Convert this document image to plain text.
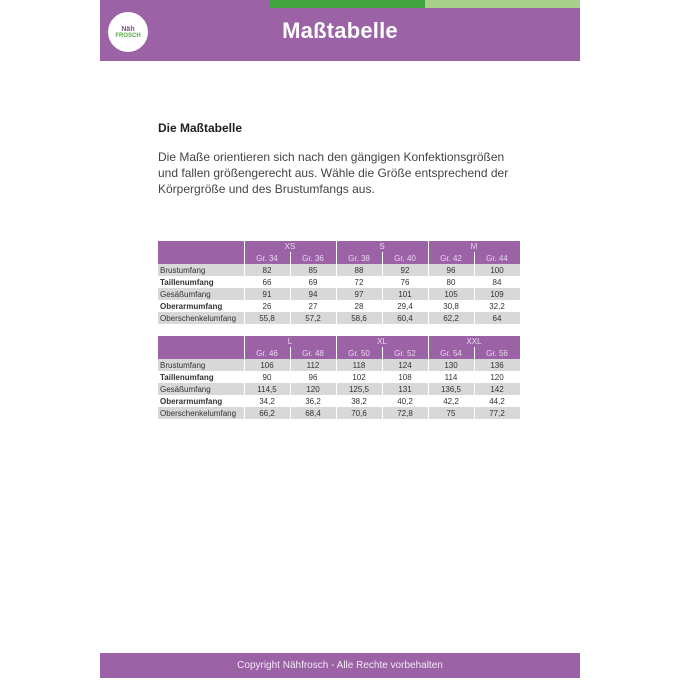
Näh
FROSCH	Maßtabelle
Die Maßtabelle
Die Maße orientieren sich nach den gängigen Konfektionsgrößen und fallen größengerecht aus. Wähle die Größe entsprechend der Körpergröße und des Brustumfangs aus.
	XS		S		M	
	Gr. 34	Gr. 36	Gr. 38	Gr. 40	Gr. 42	Gr. 44
Brustumfang	82	85	88	92	96	100
Taillenumfang	66	69	72	76	80	84
Gesäßumfang	91	94	97	101	105	109
Oberarmumfang	26	27	28	29,4	30,8	32,2
Oberschenkelumfang	55,8	57,2	58,6	60,4	62,2	64
	L		XL		XXL	
	Gr. 46	Gr. 48	Gr. 50	Gr. 52	Gr. 54	Gr. 56
Brustumfang	106	112	118	124	130	136
Taillenumfang	90	96	102	108	114	120
Gesäßumfang	114,5	120	125,5	131	136,5	142
Oberarmumfang	34,2	36,2	38,2	40,2	42,2	44,2
Oberschenkelumfang	66,2	68,4	70,6	72,8	75	77,2
Copyright Nähfrosch - Alle Rechte vorbehalten
